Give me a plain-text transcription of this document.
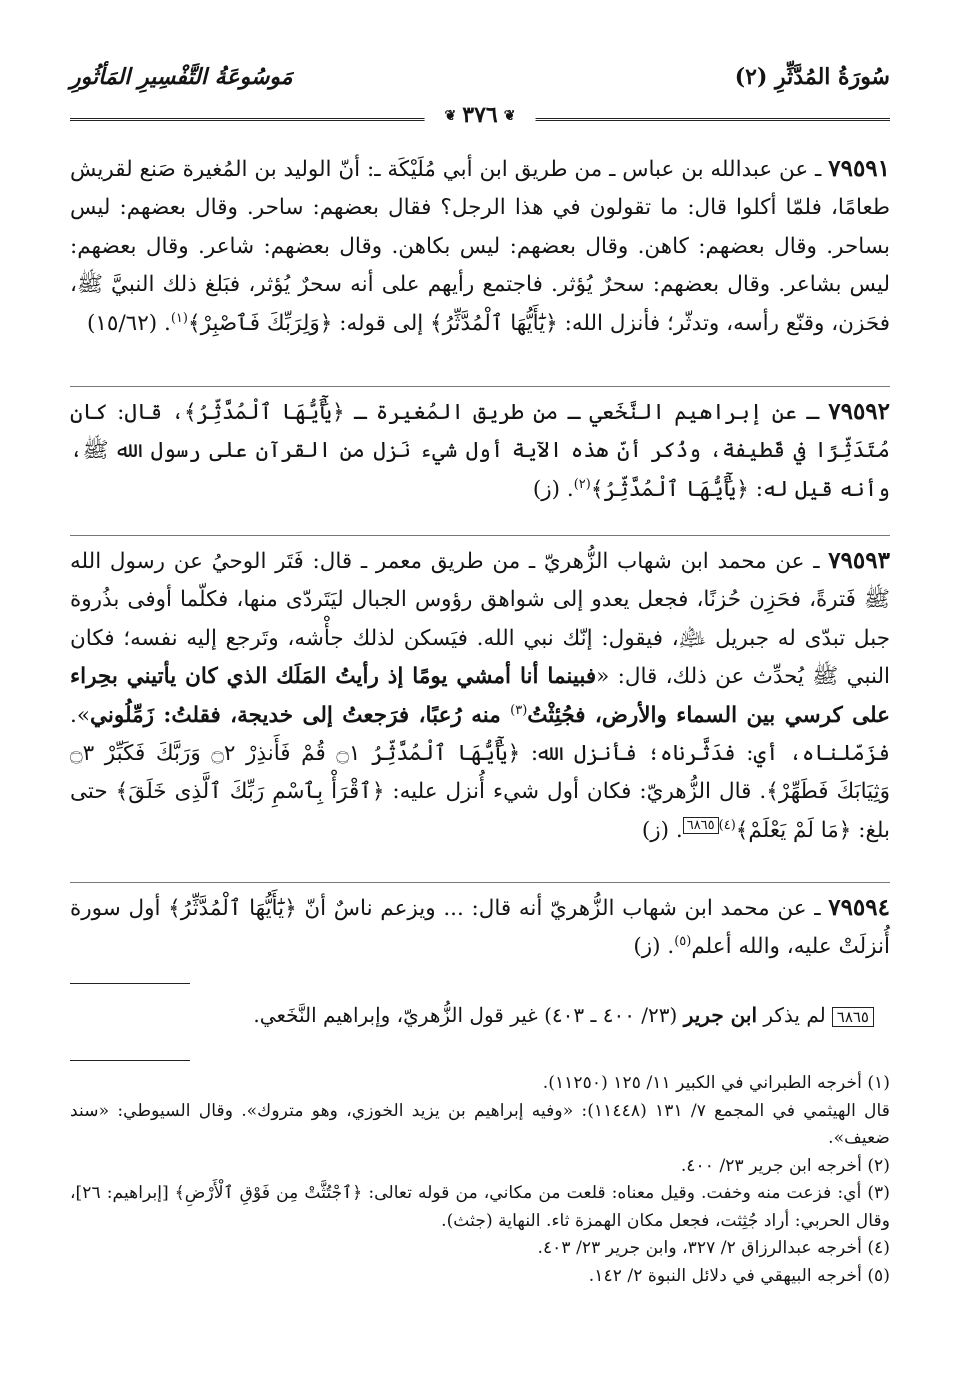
سُورَةُ المُدَّثِّرِ (٢)
مَوسُوعَةُ التَّفْسِيرِ المَأثُورِ
❦ ٣٧٦ ❦

٧٩٥٩١ ـ عن عبدالله بن عباس ـ من طريق ابن أبي مُلَيْكَة ـ: أنّ الوليد بن المُغيرة صَنع لقريش طعامًا، فلمّا أكلوا قال: ما تقولون في هذا الرجل؟ فقال بعضهم: ساحر. وقال بعضهم: ليس بساحر. وقال بعضهم: كاهن. وقال بعضهم: ليس بكاهن. وقال بعضهم: شاعر. وقال بعضهم: ليس بشاعر. وقال بعضهم: سحرٌ يُؤثر. فاجتمع رأيهم على أنه سحرٌ يُؤثر، فبَلغ ذلك النبيَّ ﷺ، فحَزن، وقنّع رأسه، وتدثّر؛ فأنزل الله: ﴿يَٰٓأَيُّهَا ٱلْمُدَّثِّرُ﴾ إلى قوله: ﴿وَلِرَبِّكَ فَٱصْبِرْ﴾$^{(١)}$. (١٥/٦٢)

٧٩٥٩٢ ـ عن إبراهيم النَّخَعي ـ من طريق المُغيرة ـ ﴿يَٰٓأَيُّهَا ٱلْمُدَّثِّرُ﴾، قال: كان مُتَدَثِّرًا في قَطيفة، وذُكر أنّ هذه الآية أول شيء نَزل من القرآن على رسول الله ﷺ، وأنه قيل له: ﴿يَٰٓأَيُّهَا ٱلْمُدَّثِّرُ﴾$^{(٢)}$. (ز)

٧٩٥٩٣ ـ عن محمد ابن شهاب الزُّهريّ ـ من طريق معمر ـ قال: فَتَر الوحيُ عن رسول الله ﷺ فَترةً، فحَزِن حُزنًا، فجعل يعدو إلى شواهق رؤوس الجبال ليَتَردّى منها، فكلّما أوفى بذُروة جبل تبدّى له جبريل ﵇، فيقول: إنّك نبي الله. فيَسكن لذلك جأْشه، وتَرجع إليه نفسه؛ فكان النبي ﷺ يُحدِّث عن ذلك، قال: «فبينما أنا أمشي يومًا إذ رأيتُ المَلَك الذي كان يأتيني بحِراء على كرسي بين السماء والأرض، فجُئِثْتُ$^{(٣)}$ منه رُعبًا، فرَجعتُ إلى خديجة، فقلتُ: زَمِّلُوني». فزَمّلناه، أي: فدَثَّرناه؛ فأنزل الله: ﴿يَٰٓأَيُّهَا ٱلْمُدَّثِّرُ ۝١ قُمْ فَأَنذِرْ ۝٢ وَرَبَّكَ فَكَبِّرْ ۝٣ وَثِيَابَكَ فَطَهِّرْ﴾. قال الزُّهريّ: فكان أول شيء أُنزل عليه: ﴿ٱقْرَأْ بِٱسْمِ رَبِّكَ ٱلَّذِى خَلَقَ﴾ حتى بلغ: ﴿مَا لَمْ يَعْلَمْ﴾$^{(٤)٦٨٦٥}$. (ز)

٧٩٥٩٤ ـ عن محمد ابن شهاب الزُّهريّ أنه قال: ... ويزعم ناسٌ أنّ ﴿يَٰٓأَيُّهَا ٱلْمُدَّثِّرُ﴾ أول سورة أُنزلَتْ عليه، والله أعلم$^{(٥)}$. (ز)

٦٨٦٥لم يذكر ابن جرير (٢٣/ ٤٠٠ ـ ٤٠٣) غير قول الزُّهريّ، وإبراهيم النَّخَعي.

(١) أخرجه الطبراني في الكبير ١١/ ١٢٥ (١١٢٥٠).

قال الهيثمي في المجمع ٧/ ١٣١ (١١٤٤٨): «وفيه إبراهيم بن يزيد الخوزي، وهو متروك». وقال السيوطي: «سند ضعيف».

(٢) أخرجه ابن جرير ٢٣/ ٤٠٠.

(٣) أي: فزعت منه وخفت. وقيل معناه: قلعت من مكاني، من قوله تعالى: ﴿ٱجْتُثَّتْ مِن فَوْقِ ٱلْأَرْضِ﴾ [إبراهيم: ٢٦]، وقال الحربي: أراد جُثِثت، فجعل مكان الهمزة ثاء. النهاية (جثث).

(٤) أخرجه عبدالرزاق ٢/ ٣٢٧، وابن جرير ٢٣/ ٤٠٣.

(٥) أخرجه البيهقي في دلائل النبوة ٢/ ١٤٢.
